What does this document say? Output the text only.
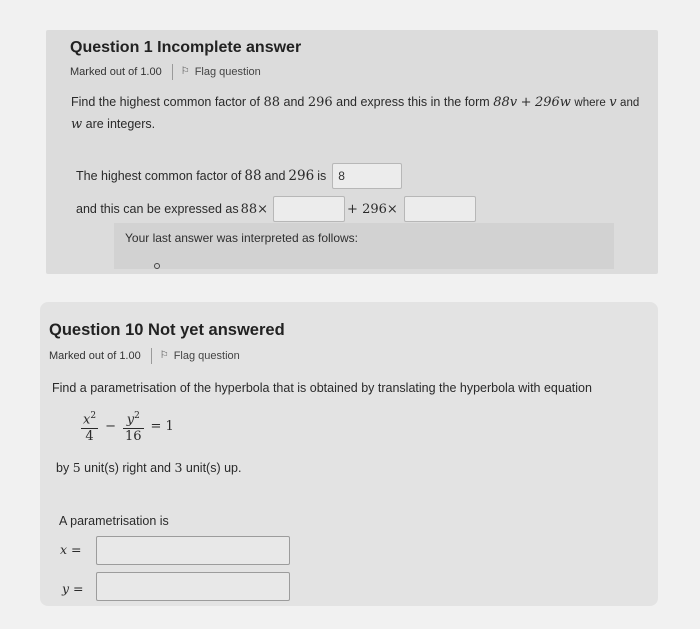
Question 1 Incomplete answer
Marked out of 1.00 ⚐ Flag question
Find the highest common factor of 88 and 296 and express this in the form 88v + 296w where v and
w are integers.
The highest common factor of 88 and 296 is	8
and this can be expressed as 88×	+ 296×
Your last answer was interpreted as follows:
Question 10 Not yet answered
Marked out of 1.00 ⚐ Flag question
Find a parametrisation of the hyperbola that is obtained by translating the hyperbola with equation
$\frac{x^2}{4} - \frac{y^2}{16} = 1$
by 5 unit(s) right and 3 unit(s) up.
A parametrisation is
x =
y =
